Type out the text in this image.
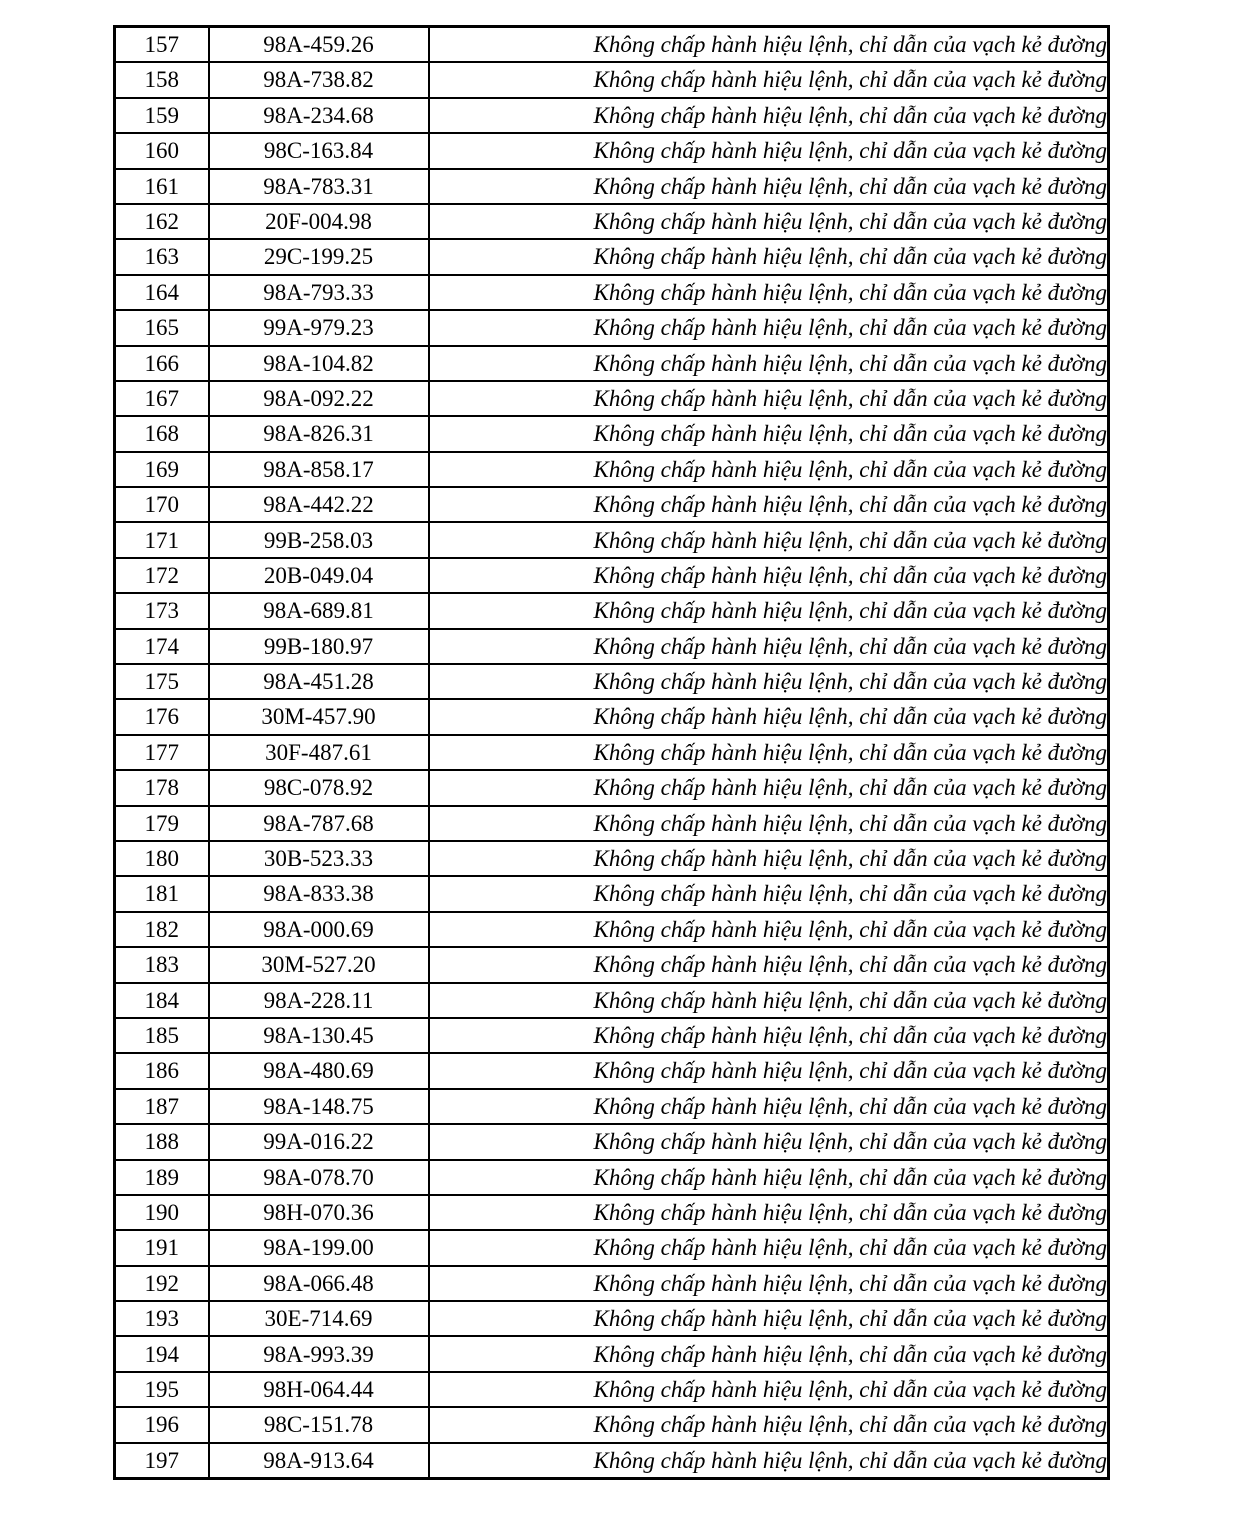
157	98A-459.26	Không chấp hành hiệu lệnh, chỉ dẫn của vạch kẻ đường
158	98A-738.82	Không chấp hành hiệu lệnh, chỉ dẫn của vạch kẻ đường
159	98A-234.68	Không chấp hành hiệu lệnh, chỉ dẫn của vạch kẻ đường
160	98C-163.84	Không chấp hành hiệu lệnh, chỉ dẫn của vạch kẻ đường
161	98A-783.31	Không chấp hành hiệu lệnh, chỉ dẫn của vạch kẻ đường
162	20F-004.98	Không chấp hành hiệu lệnh, chỉ dẫn của vạch kẻ đường
163	29C-199.25	Không chấp hành hiệu lệnh, chỉ dẫn của vạch kẻ đường
164	98A-793.33	Không chấp hành hiệu lệnh, chỉ dẫn của vạch kẻ đường
165	99A-979.23	Không chấp hành hiệu lệnh, chỉ dẫn của vạch kẻ đường
166	98A-104.82	Không chấp hành hiệu lệnh, chỉ dẫn của vạch kẻ đường
167	98A-092.22	Không chấp hành hiệu lệnh, chỉ dẫn của vạch kẻ đường
168	98A-826.31	Không chấp hành hiệu lệnh, chỉ dẫn của vạch kẻ đường
169	98A-858.17	Không chấp hành hiệu lệnh, chỉ dẫn của vạch kẻ đường
170	98A-442.22	Không chấp hành hiệu lệnh, chỉ dẫn của vạch kẻ đường
171	99B-258.03	Không chấp hành hiệu lệnh, chỉ dẫn của vạch kẻ đường
172	20B-049.04	Không chấp hành hiệu lệnh, chỉ dẫn của vạch kẻ đường
173	98A-689.81	Không chấp hành hiệu lệnh, chỉ dẫn của vạch kẻ đường
174	99B-180.97	Không chấp hành hiệu lệnh, chỉ dẫn của vạch kẻ đường
175	98A-451.28	Không chấp hành hiệu lệnh, chỉ dẫn của vạch kẻ đường
176	30M-457.90	Không chấp hành hiệu lệnh, chỉ dẫn của vạch kẻ đường
177	30F-487.61	Không chấp hành hiệu lệnh, chỉ dẫn của vạch kẻ đường
178	98C-078.92	Không chấp hành hiệu lệnh, chỉ dẫn của vạch kẻ đường
179	98A-787.68	Không chấp hành hiệu lệnh, chỉ dẫn của vạch kẻ đường
180	30B-523.33	Không chấp hành hiệu lệnh, chỉ dẫn của vạch kẻ đường
181	98A-833.38	Không chấp hành hiệu lệnh, chỉ dẫn của vạch kẻ đường
182	98A-000.69	Không chấp hành hiệu lệnh, chỉ dẫn của vạch kẻ đường
183	30M-527.20	Không chấp hành hiệu lệnh, chỉ dẫn của vạch kẻ đường
184	98A-228.11	Không chấp hành hiệu lệnh, chỉ dẫn của vạch kẻ đường
185	98A-130.45	Không chấp hành hiệu lệnh, chỉ dẫn của vạch kẻ đường
186	98A-480.69	Không chấp hành hiệu lệnh, chỉ dẫn của vạch kẻ đường
187	98A-148.75	Không chấp hành hiệu lệnh, chỉ dẫn của vạch kẻ đường
188	99A-016.22	Không chấp hành hiệu lệnh, chỉ dẫn của vạch kẻ đường
189	98A-078.70	Không chấp hành hiệu lệnh, chỉ dẫn của vạch kẻ đường
190	98H-070.36	Không chấp hành hiệu lệnh, chỉ dẫn của vạch kẻ đường
191	98A-199.00	Không chấp hành hiệu lệnh, chỉ dẫn của vạch kẻ đường
192	98A-066.48	Không chấp hành hiệu lệnh, chỉ dẫn của vạch kẻ đường
193	30E-714.69	Không chấp hành hiệu lệnh, chỉ dẫn của vạch kẻ đường
194	98A-993.39	Không chấp hành hiệu lệnh, chỉ dẫn của vạch kẻ đường
195	98H-064.44	Không chấp hành hiệu lệnh, chỉ dẫn của vạch kẻ đường
196	98C-151.78	Không chấp hành hiệu lệnh, chỉ dẫn của vạch kẻ đường
197	98A-913.64	Không chấp hành hiệu lệnh, chỉ dẫn của vạch kẻ đường
